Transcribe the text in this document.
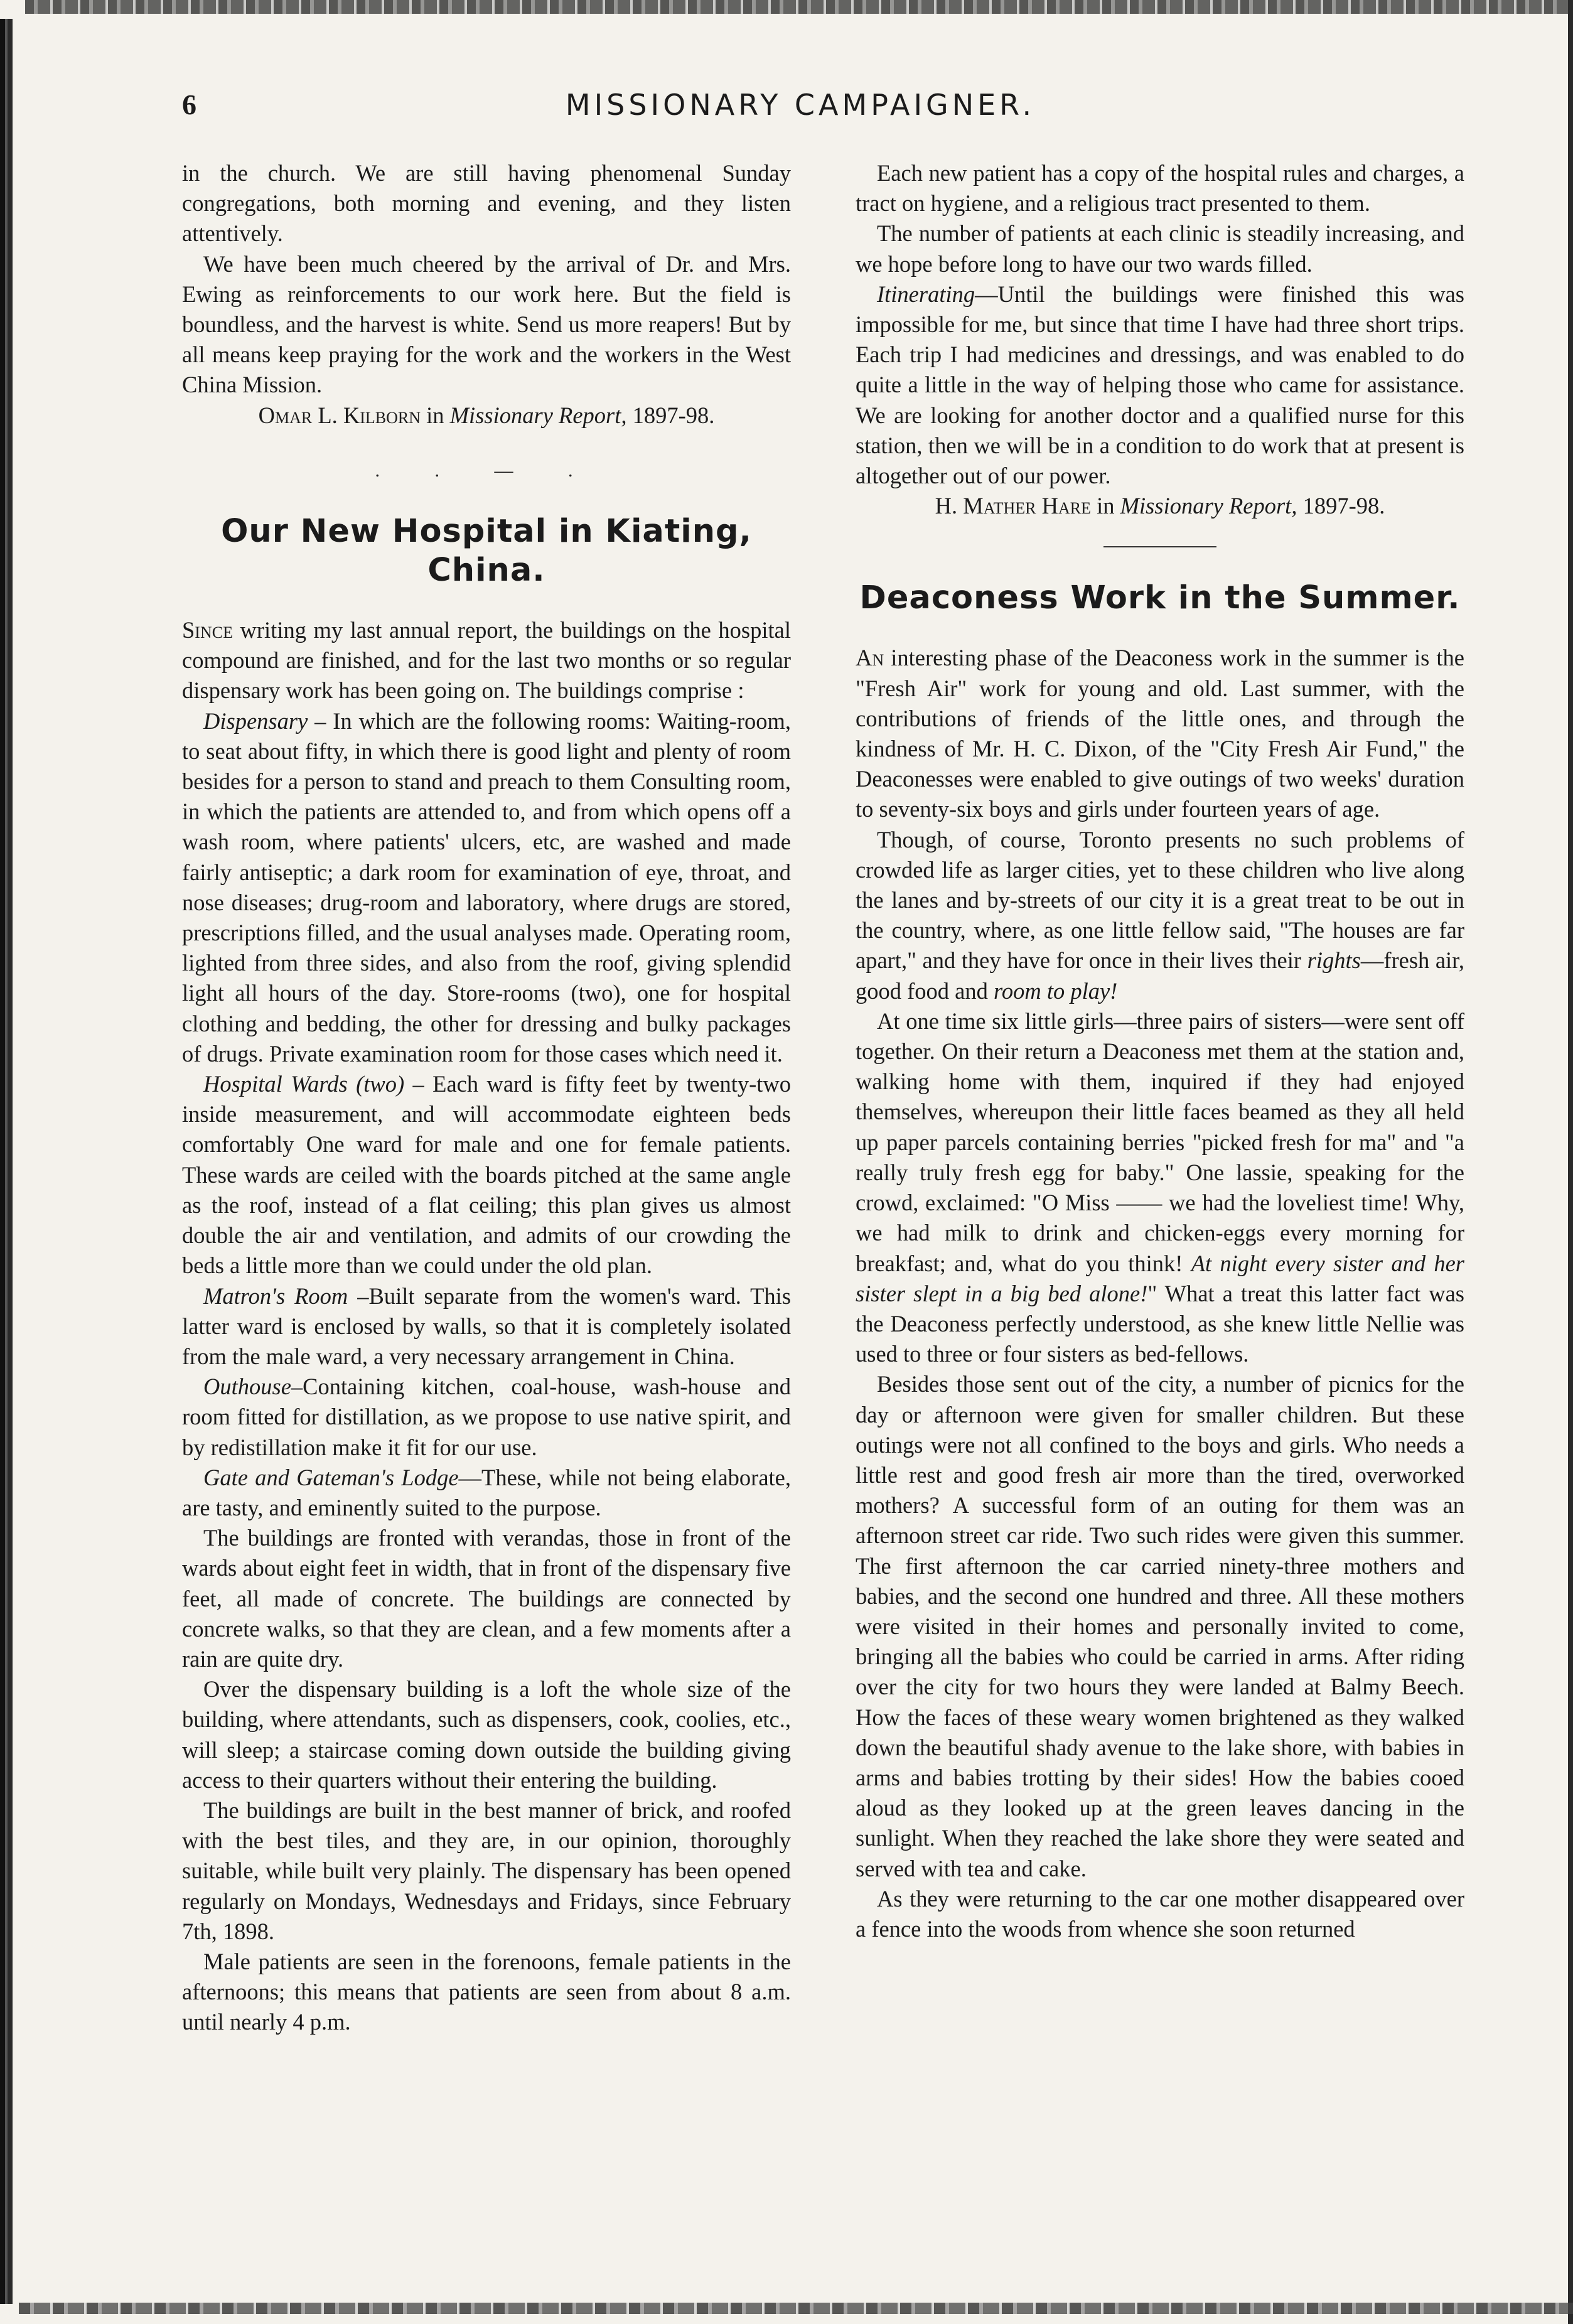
6	MISSIONARY CAMPAIGNER.

in the church. We are still having phenomenal Sunday congregations, both morning and evening, and they listen attentively.

We have been much cheered by the arrival of Dr. and Mrs. Ewing as reinforcements to our work here. But the field is boundless, and the harvest is white. Send us more reapers! But by all means keep praying for the work and the workers in the West China Mission.

Omar L. Kilborn in Missionary Report, 1897-98.

. . — .
Our New Hospital in Kiating, China.

Since writing my last annual report, the buildings on the hospital compound are finished, and for the last two months or so regular dispensary work has been going on. The buildings comprise :

Dispensary – In which are the following rooms: Waiting-room, to seat about fifty, in which there is good light and plenty of room besides for a person to stand and preach to them Consulting room, in which the patients are attended to, and from which opens off a wash room, where patients' ulcers, etc, are washed and made fairly antiseptic; a dark room for examination of eye, throat, and nose diseases; drug-room and laboratory, where drugs are stored, prescriptions filled, and the usual analyses made. Operating room, lighted from three sides, and also from the roof, giving splendid light all hours of the day. Store-rooms (two), one for hospital clothing and bedding, the other for dressing and bulky packages of drugs. Private examination room for those cases which need it.

Hospital Wards (two) – Each ward is fifty feet by twenty-two inside measurement, and will accommodate eighteen beds comfortably One ward for male and one for female patients. These wards are ceiled with the boards pitched at the same angle as the roof, instead of a flat ceiling; this plan gives us almost double the air and ventilation, and admits of our crowding the beds a little more than we could under the old plan.

Matron's Room –Built separate from the women's ward. This latter ward is enclosed by walls, so that it is completely isolated from the male ward, a very necessary arrangement in China.

Outhouse–Containing kitchen, coal-house, wash-house and room fitted for distillation, as we propose to use native spirit, and by redistillation make it fit for our use.

Gate and Gateman's Lodge—These, while not being elaborate, are tasty, and eminently suited to the purpose.

The buildings are fronted with verandas, those in front of the wards about eight feet in width, that in front of the dispensary five feet, all made of concrete. The buildings are connected by concrete walks, so that they are clean, and a few moments after a rain are quite dry.

Over the dispensary building is a loft the whole size of the building, where attendants, such as dispensers, cook, coolies, etc., will sleep; a staircase coming down outside the building giving access to their quarters without their entering the building.

The buildings are built in the best manner of brick, and roofed with the best tiles, and they are, in our opinion, thoroughly suitable, while built very plainly. The dispensary has been opened regularly on Mondays, Wednesdays and Fridays, since February 7th, 1898.

Male patients are seen in the forenoons, female patients in the afternoons; this means that patients are seen from about 8 a.m. until nearly 4 p.m.

Each new patient has a copy of the hospital rules and charges, a tract on hygiene, and a religious tract presented to them.

The number of patients at each clinic is steadily increasing, and we hope before long to have our two wards filled.

Itinerating—Until the buildings were finished this was impossible for me, but since that time I have had three short trips. Each trip I had medicines and dressings, and was enabled to do quite a little in the way of helping those who came for assistance. We are looking for another doctor and a qualified nurse for this station, then we will be in a condition to do work that at present is altogether out of our power.

H. Mather Hare in Missionary Report, 1897-98.

Deaconess Work in the Summer.

An interesting phase of the Deaconess work in the summer is the "Fresh Air" work for young and old. Last summer, with the contributions of friends of the little ones, and through the kindness of Mr. H. C. Dixon, of the "City Fresh Air Fund," the Deaconesses were enabled to give outings of two weeks' duration to seventy-six boys and girls under fourteen years of age.

Though, of course, Toronto presents no such problems of crowded life as larger cities, yet to these children who live along the lanes and by-streets of our city it is a great treat to be out in the country, where, as one little fellow said, "The houses are far apart," and they have for once in their lives their rights—fresh air, good food and room to play!

At one time six little girls—three pairs of sisters—were sent off together. On their return a Deaconess met them at the station and, walking home with them, inquired if they had enjoyed themselves, whereupon their little faces beamed as they all held up paper parcels containing berries "picked fresh for ma" and "a really truly fresh egg for baby." One lassie, speaking for the crowd, exclaimed: "O Miss —— we had the loveliest time! Why, we had milk to drink and chicken-eggs every morning for breakfast; and, what do you think! At night every sister and her sister slept in a big bed alone!" What a treat this latter fact was the Deaconess perfectly understood, as she knew little Nellie was used to three or four sisters as bed-fellows.

Besides those sent out of the city, a number of picnics for the day or afternoon were given for smaller children. But these outings were not all confined to the boys and girls. Who needs a little rest and good fresh air more than the tired, overworked mothers? A successful form of an outing for them was an afternoon street car ride. Two such rides were given this summer. The first afternoon the car carried ninety-three mothers and babies, and the second one hundred and three. All these mothers were visited in their homes and personally invited to come, bringing all the babies who could be carried in arms. After riding over the city for two hours they were landed at Balmy Beech. How the faces of these weary women brightened as they walked down the beautiful shady avenue to the lake shore, with babies in arms and babies trotting by their sides! How the babies cooed aloud as they looked up at the green leaves dancing in the sunlight. When they reached the lake shore they were seated and served with tea and cake.

As they were returning to the car one mother disappeared over a fence into the woods from whence she soon returned
